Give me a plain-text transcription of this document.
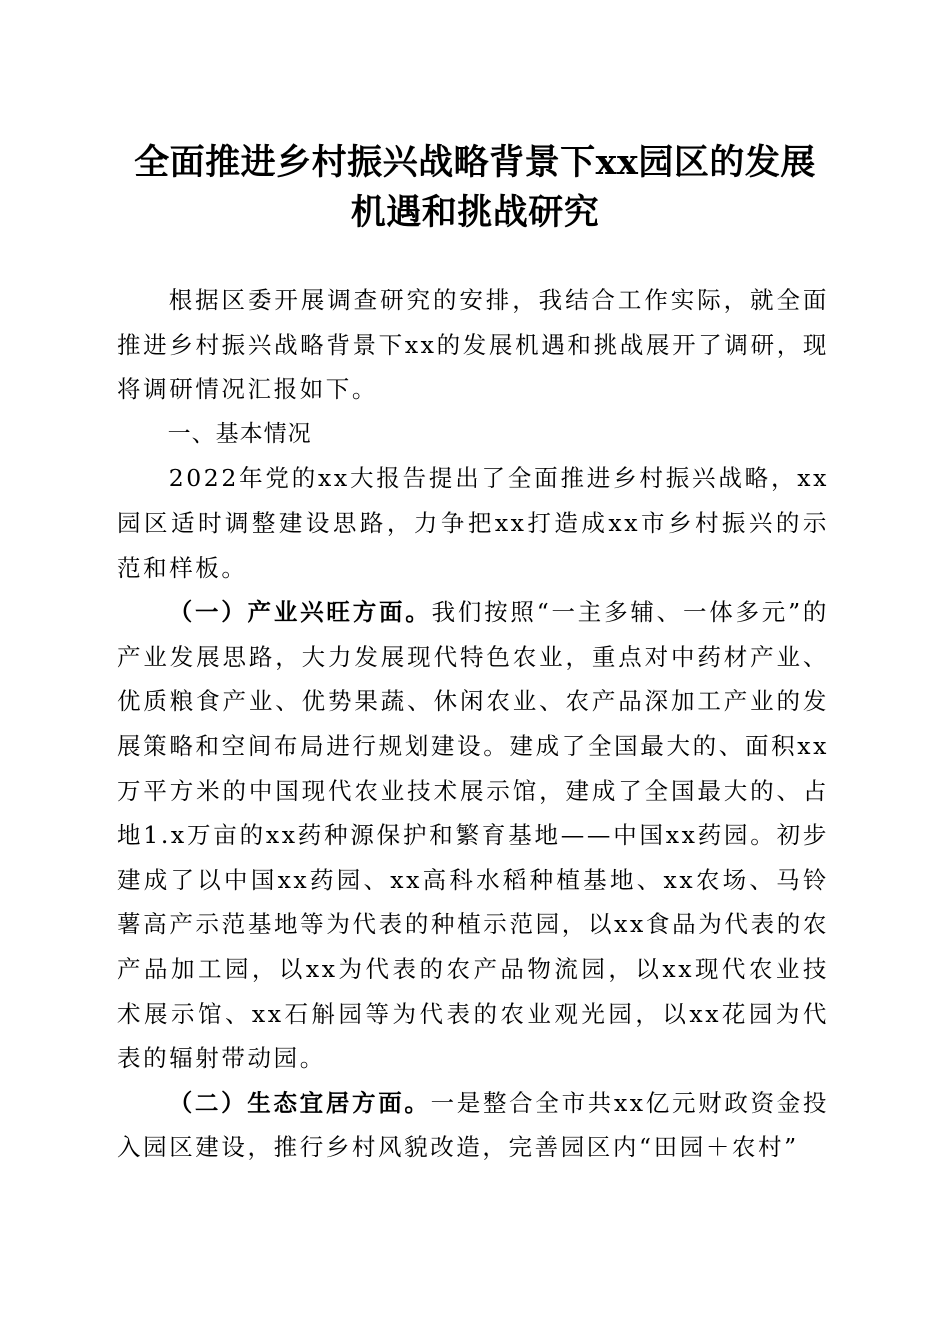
全面推进乡村振兴战略背景下xx园区的发展
机遇和挑战研究

根据区委开展调查研究的安排，我结合工作实际，就全面推进乡村振兴战略背景下xx的发展机遇和挑战展开了调研，现将调研情况汇报如下。

一、基本情况

2022年党的xx大报告提出了全面推进乡村振兴战略，xx园区适时调整建设思路，力争把xx打造成xx市乡村振兴的示范和样板。

（一）产业兴旺方面。我们按照“一主多辅、一体多元”的产业发展思路，大力发展现代特色农业，重点对中药材产业、优质粮食产业、优势果蔬、休闲农业、农产品深加工产业的发展策略和空间布局进行规划建设。建成了全国最大的、面积xx万平方米的中国现代农业技术展示馆，建成了全国最大的、占地1.x万亩的xx药种源保护和繁育基地——中国xx药园。初步建成了以中国xx药园、xx高科水稻种植基地、xx农场、马铃薯高产示范基地等为代表的种植示范园，以xx食品为代表的农产品加工园，以xx为代表的农产品物流园，以xx现代农业技术展示馆、xx石斛园等为代表的农业观光园，以xx花园为代表的辐射带动园。

（二）生态宜居方面。一是整合全市共xx亿元财政资金投入园区建设，推行乡村风貌改造，完善园区内“田园＋农村”
